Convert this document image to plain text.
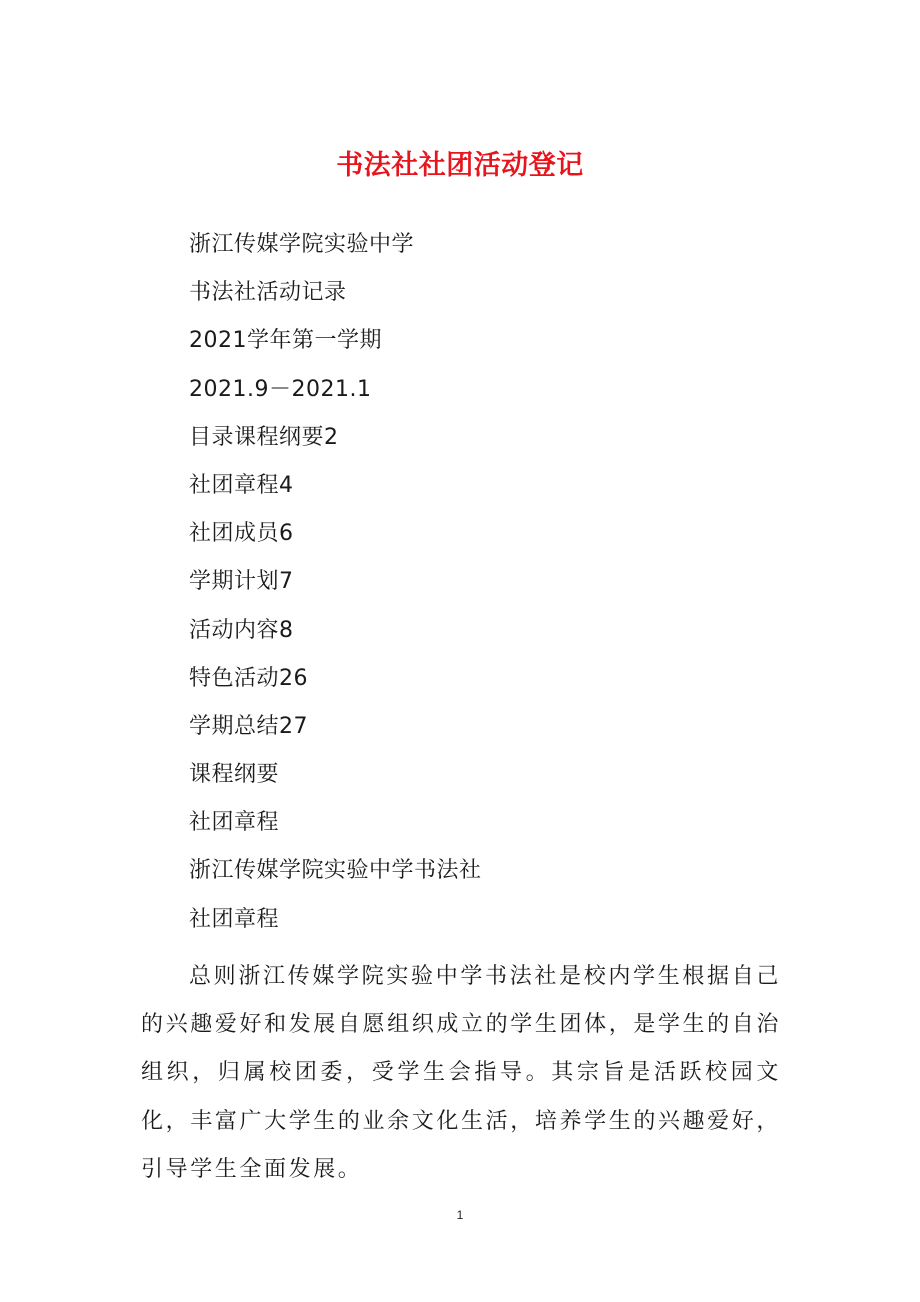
书法社社团活动登记
浙江传媒学院实验中学
书法社活动记录
2021学年第一学期
2021.9－2021.1
目录课程纲要2
社团章程4
社团成员6
学期计划7
活动内容8
特色活动26
学期总结27
课程纲要
社团章程
浙江传媒学院实验中学书法社
社团章程

总则浙江传媒学院实验中学书法社是校内学生根据自己的兴趣爱好和发展自愿组织成立的学生团体，是学生的自治组织，归属校团委，受学生会指导。其宗旨是活跃校园文化，丰富广大学生的业余文化生活，培养学生的兴趣爱好，引导学生全面发展。

1
